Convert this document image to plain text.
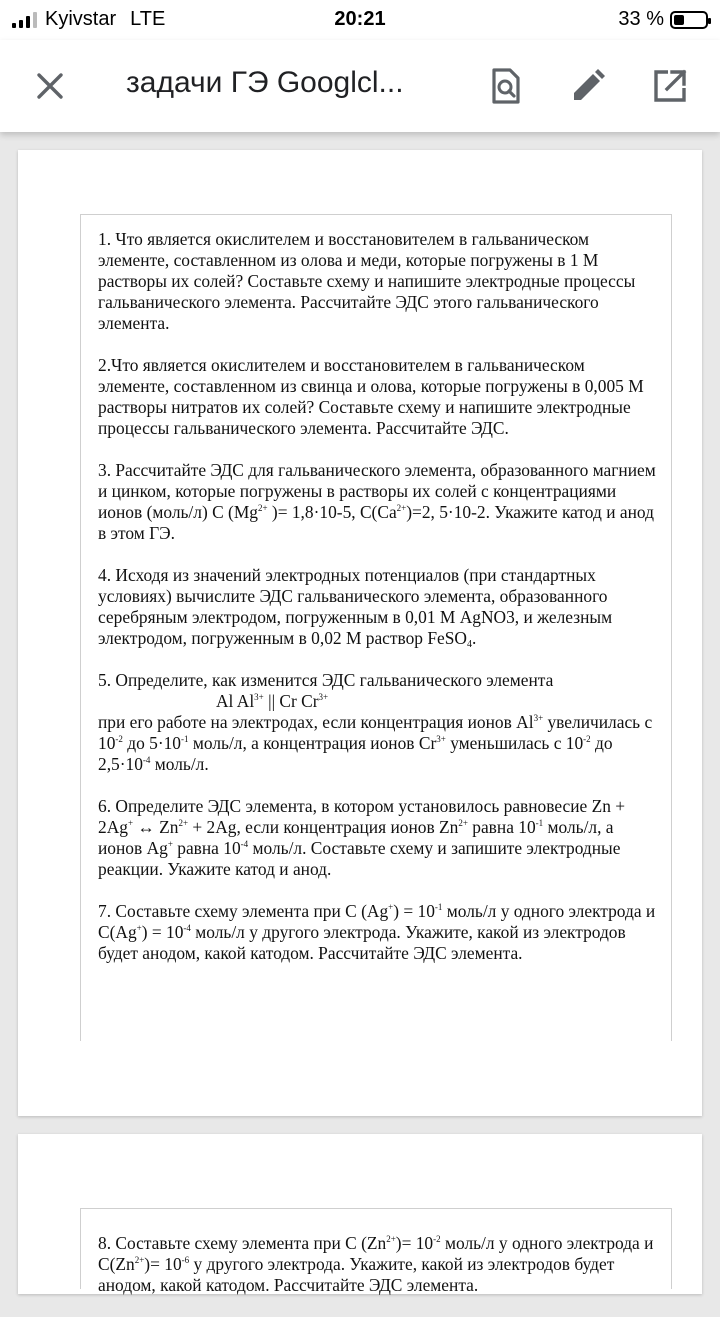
Kyivstar LTE	20:21	33 %
задачи ГЭ Googlcl...

1. Что является окислителем и восстановителем в гальваническом элементе, составленном из олова и меди, которые погружены в 1 М растворы их солей? Составьте схему и напишите электродные процессы гальванического элемента. Рассчитайте ЭДС этого гальванического элемента.

2.Что является окислителем и восстановителем в гальваническом элементе, составленном из свинца и олова, которые погружены в 0,005 М растворы нитратов их солей? Составьте схему и напишите электродные процессы гальванического элемента. Рассчитайте ЭДС.

3. Рассчитайте ЭДС для гальванического элемента, образованного магнием и цинком, которые погружены в растворы их солей с концентрациями ионов (моль/л) С ($Mg^{2+}$ )= 1,8·10-5, $С(Ca^{2+})=2$, 5·10-2. Укажите катод и анод в этом ГЭ.

4. Исходя из значений электродных потенциалов (при стандартных условиях) вычислите ЭДС гальванического элемента, образованного серебряным электродом, погруженным в 0,01 М AgNO3, и железным электродом, погруженным в 0,02 М раствор FeSO$_4$.

5. Определите, как изменится ЭДС гальванического элемента
Al $Al^{3+}$ || Cr $Cr^{3+}$
при его работе на электродах, если концентрация ионов $Al^{3+}$ увеличилась с $10^{-2}$ до $5\cdot 10^{-1}$ моль/л, а концентрация ионов $Cr^{3+}$ уменьшилась с $10^{-2}$ до $2,5\cdot 10^{-4}$ моль/л.

6. Определите ЭДС элемента, в котором установилось равновесие Zn + 2Ag+ ↔ $Zn^{2+} + 2Ag$, если концентрация ионов $Zn^{2+}$ равна $10^{-1}$ моль/л, а ионов Ag+ равна $10^{-4}$ моль/л. Составьте схему и запишите электродные реакции. Укажите катод и анод.

7. Составьте схему элемента при С $(Ag^+) = 10^{-1}$ моль/л у одного электрода и $С(Ag^+) = 10^{-4}$ моль/л у другого электрода. Укажите, какой из электродов будет анодом, какой катодом. Рассчитайте ЭДС элемента.

8. Составьте схему элемента при С $(Zn^{2+})= 10^{-2}$ моль/л у одного электрода и $С(Zn^{2+})= 10^{-6}$ у другого электрода. Укажите, какой из электродов будет анодом, какой катодом. Рассчитайте ЭДС элемента.
